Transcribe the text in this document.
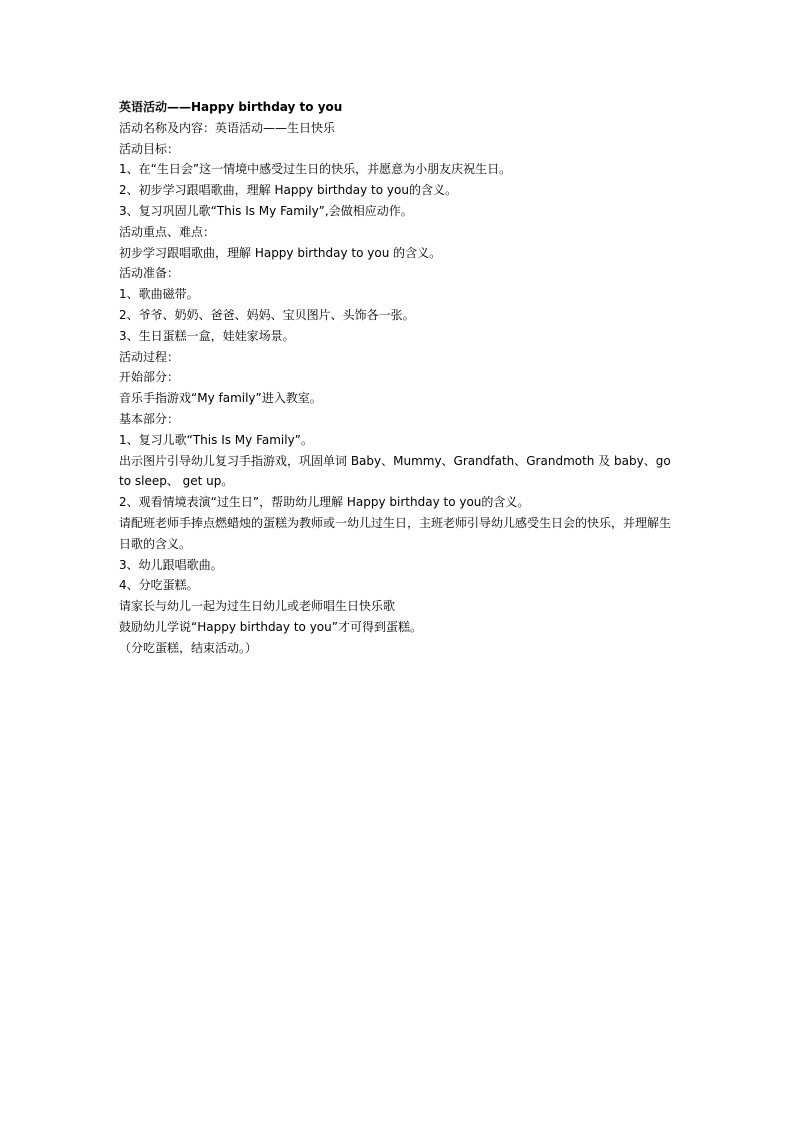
英语活动——Happy birthday to you
活动名称及内容：英语活动——生日快乐
活动目标：
1、在“生日会”这一情境中感受过生日的快乐，并愿意为小朋友庆祝生日。
2、初步学习跟唱歌曲，理解 Happy birthday to you的含义。
3、复习巩固儿歌“This Is My Family”,会做相应动作。
活动重点、难点：
初步学习跟唱歌曲，理解 Happy birthday to you 的含义。
活动准备：
1、歌曲磁带。
2、爷爷、奶奶、爸爸、妈妈、宝贝图片、头饰各一张。
3、生日蛋糕一盒，娃娃家场景。
活动过程：
开始部分：
音乐手指游戏“My family”进入教室。
基本部分：
1、复习儿歌“This Is My Family”。
出示图片引导幼儿复习手指游戏，巩固单词 Baby、Mummy、Grandfath、Grandmoth 及 baby、go to sleep、 get up。
2、观看情境表演“过生日”，帮助幼儿理解 Happy birthday to you的含义。
请配班老师手捧点燃蜡烛的蛋糕为教师或一幼儿过生日，主班老师引导幼儿感受生日会的快乐，并理解生日歌的含义。
3、幼儿跟唱歌曲。
4、分吃蛋糕。
请家长与幼儿一起为过生日幼儿或老师唱生日快乐歌
鼓励幼儿学说“Happy birthday to you”才可得到蛋糕。
（分吃蛋糕，结束活动。）
